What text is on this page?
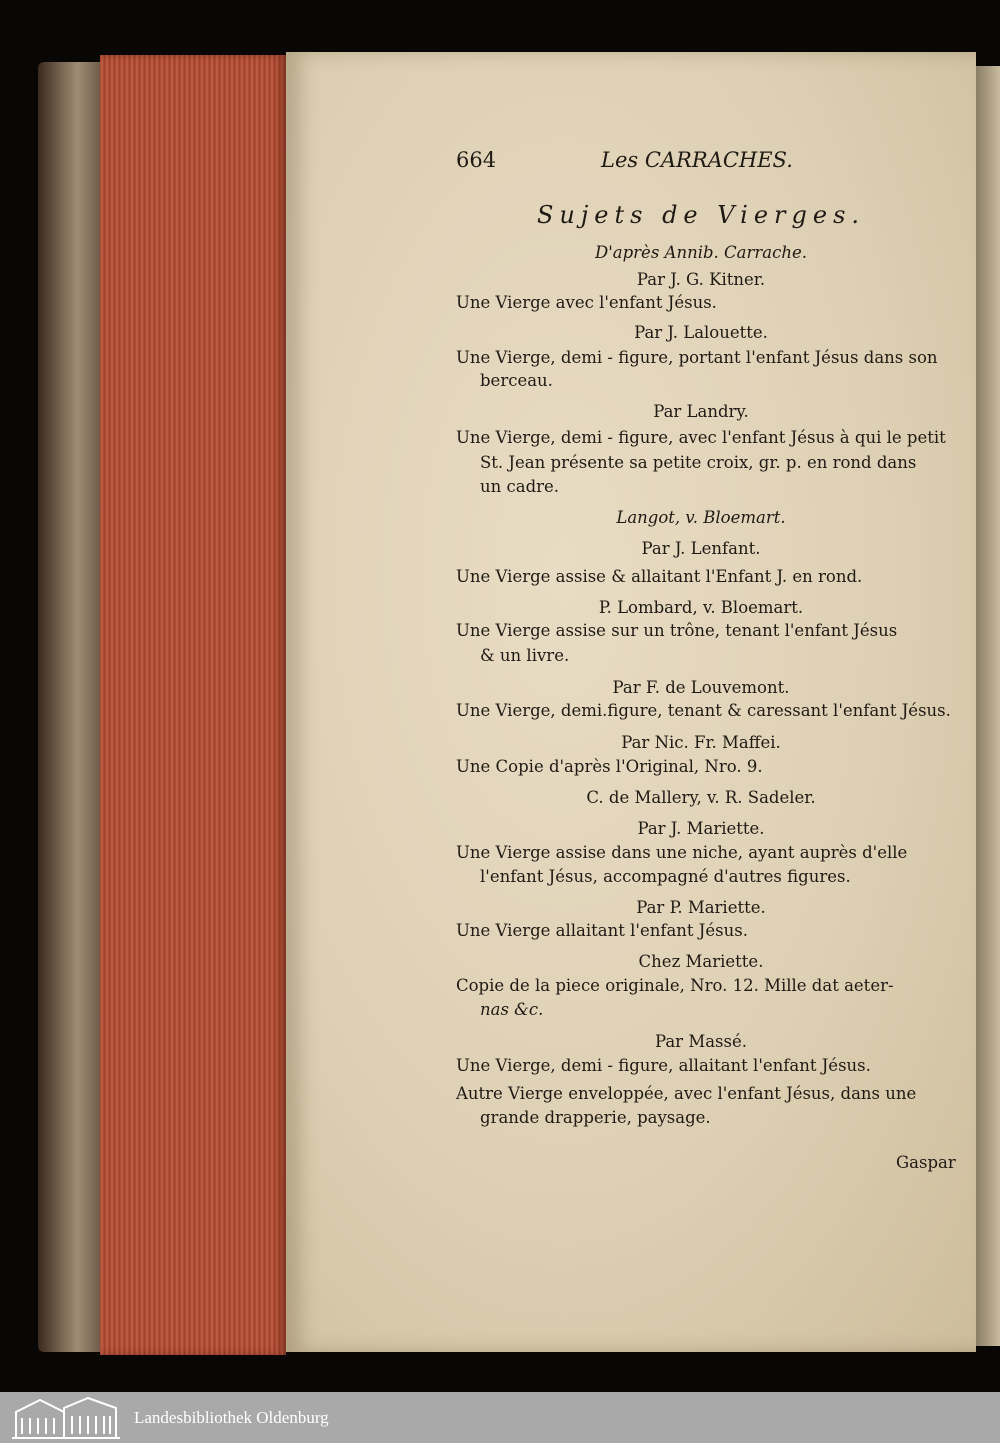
664	Les CARRACHES.
Sujets de Vierges.
D'après Annib. Carrache.
Par J. G. Kitner.
Une Vierge avec l'enfant Jésus.
Par J. Lalouette.
Une Vierge, demi - figure, portant l'enfant Jésus dans son
berceau.
Par Landry.
Une Vierge, demi - figure, avec l'enfant Jésus à qui le petit
St. Jean présente sa petite croix, gr. p. en rond dans
un cadre.
Langot, v. Bloemart.
Par J. Lenfant.
Une Vierge assise & allaitant l'Enfant J. en rond.
P. Lombard, v. Bloemart.
Une Vierge assise sur un trône, tenant l'enfant Jésus
& un livre.
Par F. de Louvemont.
Une Vierge, demi.figure, tenant & caressant l'enfant Jésus.
Par Nic. Fr. Maffei.
Une Copie d'après l'Original, Nro. 9.
C. de Mallery, v. R. Sadeler.
Par J. Mariette.
Une Vierge assise dans une niche, ayant auprès d'elle
l'enfant Jésus, accompagné d'autres figures.
Par P. Mariette.
Une Vierge allaitant l'enfant Jésus.
Chez Mariette.
Copie de la piece originale, Nro. 12. Mille dat aeter-
nas &c.
Par Massé.
Une Vierge, demi - figure, allaitant l'enfant Jésus.
Autre Vierge enveloppée, avec l'enfant Jésus, dans une
grande drapperie, paysage.
Gaspar
Landesbibliothek Oldenburg
